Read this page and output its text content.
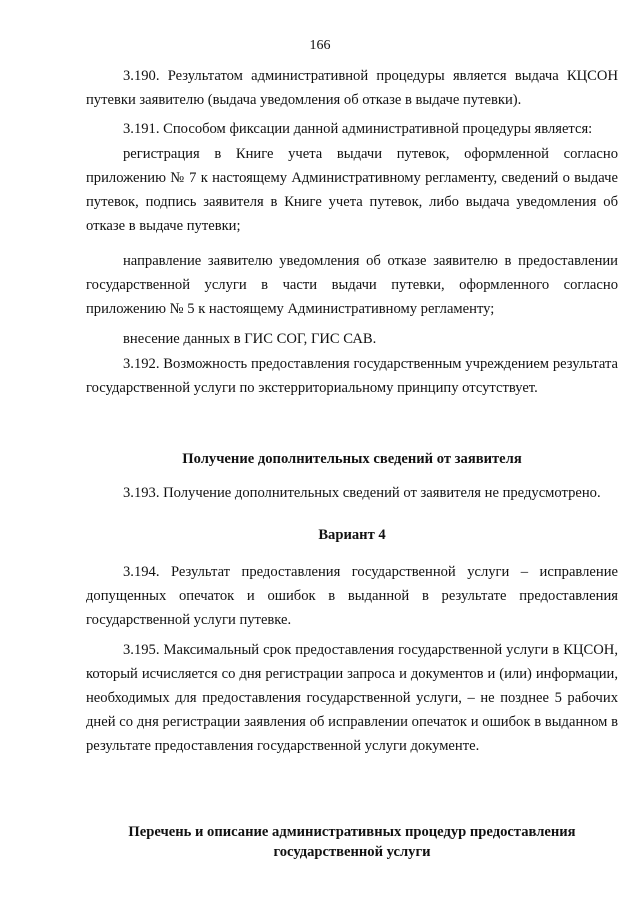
166

3.190. Результатом административной процедуры является выдача КЦСОН путевки заявителю (выдача уведомления об отказе в выдаче путевки).

3.191. Способом фиксации данной административной процедуры является:

регистрация в Книге учета выдачи путевок, оформленной согласно приложению № 7 к настоящему Административному регламенту, сведений о выдаче путевок, подпись заявителя в Книге учета путевок, либо выдача уведомления об отказе в выдаче путевки;

направление заявителю уведомления об отказе заявителю в предоставлении государственной услуги в части выдачи путевки, оформленного согласно приложению № 5 к настоящему Административному регламенту;

внесение данных в ГИС СОГ, ГИС САВ.

3.192. Возможность предоставления государственным учреждением результата государственной услуги по экстерриториальному принципу отсутствует.

Получение дополнительных сведений от заявителя

3.193. Получение дополнительных сведений от заявителя не предусмотрено.

Вариант 4

3.194. Результат предоставления государственной услуги – исправление допущенных опечаток и ошибок в выданной в результате предоставления государственной услуги путевке.

3.195. Максимальный срок предоставления государственной услуги в КЦСОН, который исчисляется со дня регистрации запроса и документов и (или) информации, необходимых для предоставления государственной услуги, – не позднее 5 рабочих дней со дня регистрации заявления об исправлении опечаток и ошибок в выданном в результате предоставления государственной услуги документе.

Перечень и описание административных процедур предоставления государственной услуги
